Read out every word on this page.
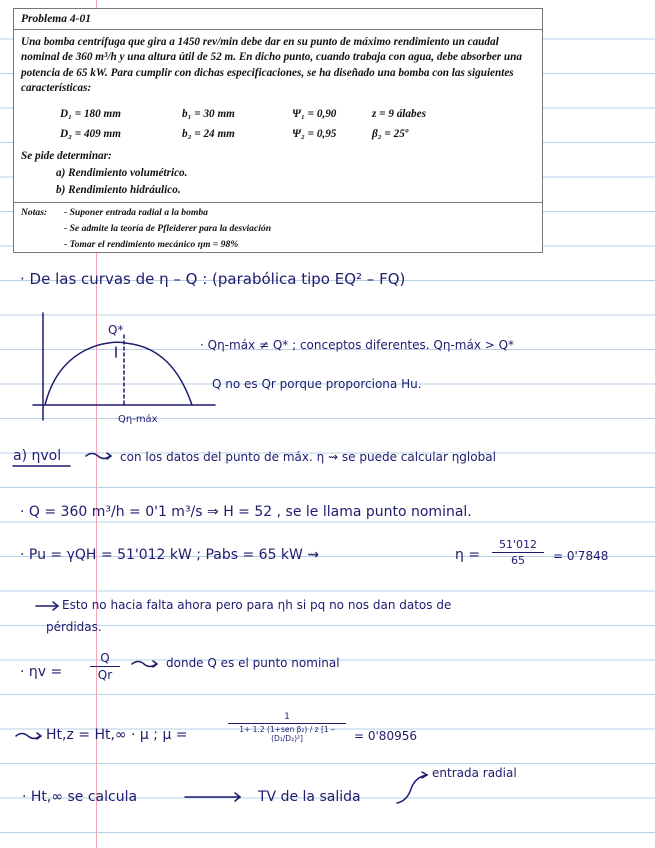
Problema 4-01
Una bomba centrífuga que gira a 1450 rev/min debe dar en su punto de máximo rendimiento un caudal nominal de 360 m³/h y una altura útil de 52 m. En dicho punto, cuando trabaja con agua, debe absorber una potencia de 65 kW. Para cumplir con dichas especificaciones, se ha diseñado una bomba con las siguientes características:
D₁ = 180 mm	b₁ = 30 mm	Ψ₁ = 0,90	z = 9 álabes
D₂ = 409 mm	b₂ = 24 mm	Ψ₂ = 0,95	β₂ = 25º
Se pide determinar:
a) Rendimiento volumétrico.
b) Rendimiento hidráulico.
Notas: - Suponer entrada radial a la bomba
- Se admite la teoría de Pfleiderer para la desviación
- Tomar el rendimiento mecánico ηm = 98%
· De las curvas de η – Q : (parabólica tipo EQ² – FQ)
Q*
Qη-máx
· Qη-máx ≠ Q* ; conceptos diferentes. Qη-máx > Q*
Q no es Qr porque proporciona Hu.
a) ηvol	con los datos del punto de máx. η ⇝ se puede calcular ηglobal
· Q = 360 m³/h = 0'1 m³/s ⇒ H = 52 , se le llama punto nominal.
· Pu = γQH = 51'012 kW ; Pabs = 65 kW ⇝	η =
51'012
65	= 0'7848
Esto no hacia falta ahora pero para ηh si pq no nos dan datos de
pérdidas.
· ηv =
Q
Qr
donde Q es el punto nominal
Ht,z = Ht,∞ · μ ; μ =
1
1+ 1.2 (1+sen β₂) / z [1 – (D₁/D₂)²]	= 0'80956
entrada radial
· Ht,∞ se calcula	TV de la salida
